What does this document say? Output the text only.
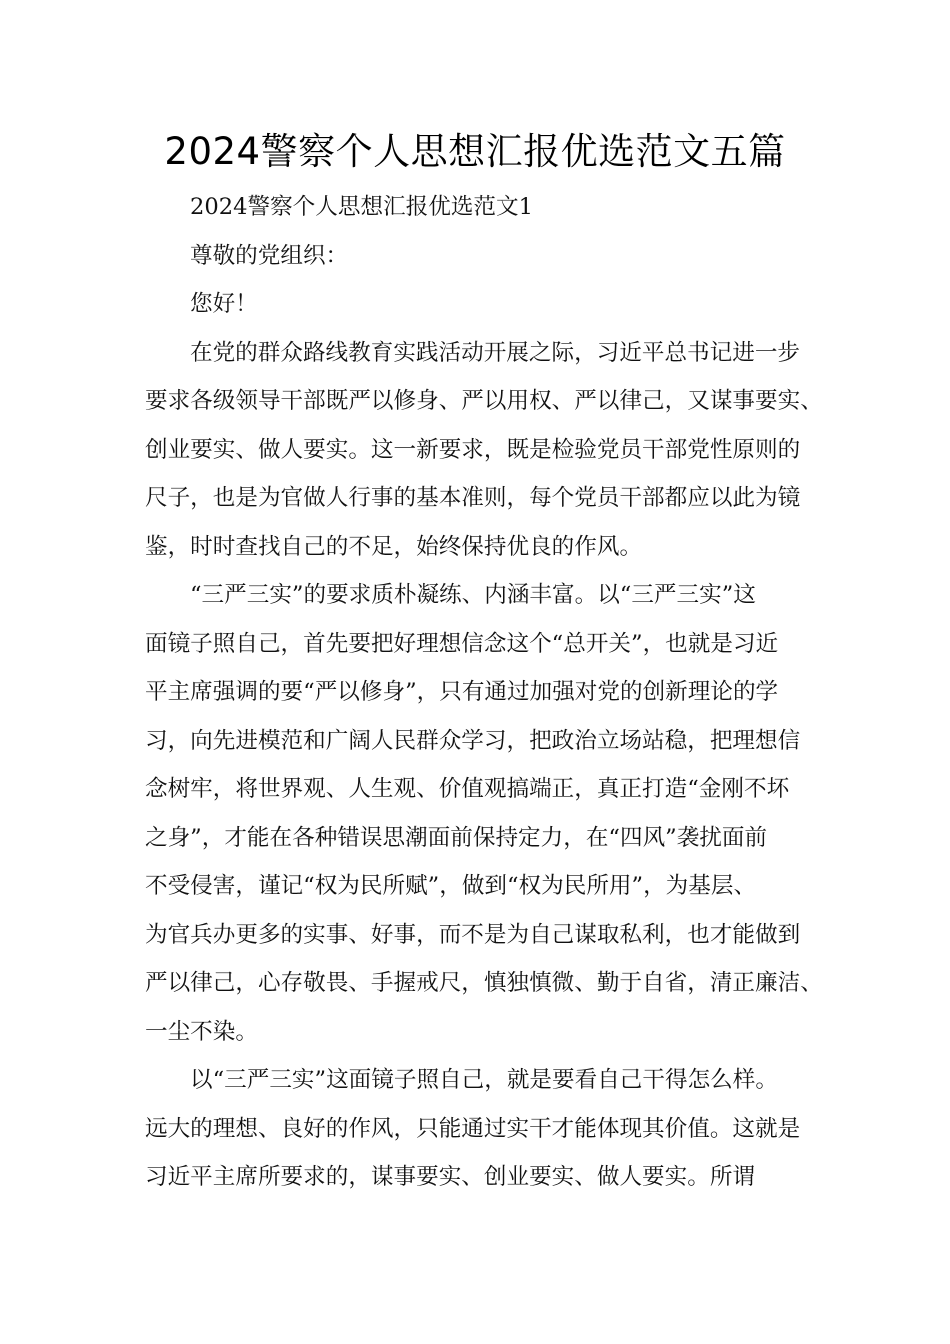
2024警察个人思想汇报优选范文五篇
2024警察个人思想汇报优选范文1
尊敬的党组织：
您好！
在党的群众路线教育实践活动开展之际，习近平总书记进一步
要求各级领导干部既严以修身、严以用权、严以律己，又谋事要实、
创业要实、做人要实。这一新要求，既是检验党员干部党性原则的
尺子，也是为官做人行事的基本准则，每个党员干部都应以此为镜
鉴，时时查找自己的不足，始终保持优良的作风。
“三严三实”的要求质朴凝练、内涵丰富。以“三严三实”这
面镜子照自己，首先要把好理想信念这个“总开关”，也就是习近
平主席强调的要“严以修身”，只有通过加强对党的创新理论的学
习，向先进模范和广阔人民群众学习，把政治立场站稳，把理想信
念树牢，将世界观、人生观、价值观搞端正，真正打造“金刚不坏
之身”，才能在各种错误思潮面前保持定力，在“四风”袭扰面前
不受侵害，谨记“权为民所赋”，做到“权为民所用”，为基层、
为官兵办更多的实事、好事，而不是为自己谋取私利，也才能做到
严以律己，心存敬畏、手握戒尺，慎独慎微、勤于自省，清正廉洁、
一尘不染。
以“三严三实”这面镜子照自己，就是要看自己干得怎么样。
远大的理想、良好的作风，只能通过实干才能体现其价值。这就是
习近平主席所要求的，谋事要实、创业要实、做人要实。所谓
